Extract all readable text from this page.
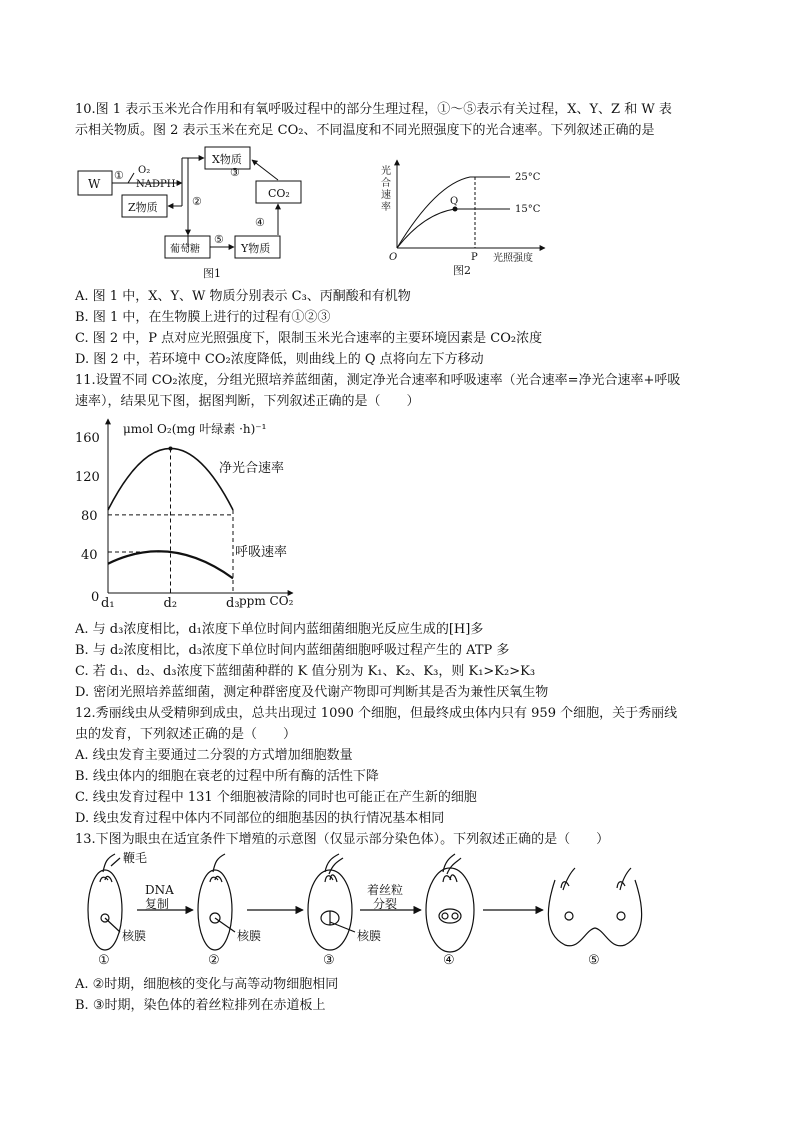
10.图 1 表示玉米光合作用和有氧呼吸过程中的部分生理过程，①～⑤表示有关过程，X、Y、Z 和 W 表
示相关物质。图 2 表示玉米在充足 CO₂、不同温度和不同光照强度下的光合速率。下列叙述正确的是
W
① O₂
NADPH
X物质
Z物质
CO₂
②
③
④
⑤
葡萄糖	Y物质
图1
光
合
速
率
Q
25°C
15°C
O	P 光照强度
图2
A. 图 1 中，X、Y、W 物质分别表示 C₃、丙酮酸和有机物
B. 图 1 中，在生物膜上进行的过程有①②③
C. 图 2 中，P 点对应光照强度下，限制玉米光合速率的主要环境因素是 CO₂浓度
D. 图 2 中，若环境中 CO₂浓度降低，则曲线上的 Q 点将向左下方移动
11.设置不同 CO₂浓度，分组光照培养蓝细菌，测定净光合速率和呼吸速率（光合速率=净光合速率+呼吸
速率），结果见下图，据图判断，下列叙述正确的是（　　）
μmol O₂(mg 叶绿素 ·h)⁻¹
ppm CO₂
0
40
80
120
160
d₁	d₂	d₃
净光合速率
呼吸速率
A. 与 d₃浓度相比，d₁浓度下单位时间内蓝细菌细胞光反应生成的[H]多
B. 与 d₂浓度相比，d₃浓度下单位时间内蓝细菌细胞呼吸过程产生的 ATP 多
C. 若 d₁、d₂、d₃浓度下蓝细菌种群的 K 值分别为 K₁、K₂、K₃，则 K₁>K₂>K₃
D. 密闭光照培养蓝细菌，测定种群密度及代谢产物即可判断其是否为兼性厌氧生物
12.秀丽线虫从受精卵到成虫，总共出现过 1090 个细胞，但最终成虫体内只有 959 个细胞，关于秀丽线
虫的发育，下列叙述正确的是（　　）
A. 线虫发育主要通过二分裂的方式增加细胞数量
B. 线虫体内的细胞在衰老的过程中所有酶的活性下降
C. 线虫发育过程中 131 个细胞被清除的同时也可能正在产生新的细胞
D. 线虫发育过程中体内不同部位的细胞基因的执行情况基本相同
13.下图为眼虫在适宜条件下增殖的示意图（仅显示部分染色体）。下列叙述正确的是（　　）
鞭毛
DNA
复制
核膜	核膜	核膜
着丝粒
分裂
①	②	③	④	⑤
A. ②时期，细胞核的变化与高等动物细胞相同
B. ③时期，染色体的着丝粒排列在赤道板上
